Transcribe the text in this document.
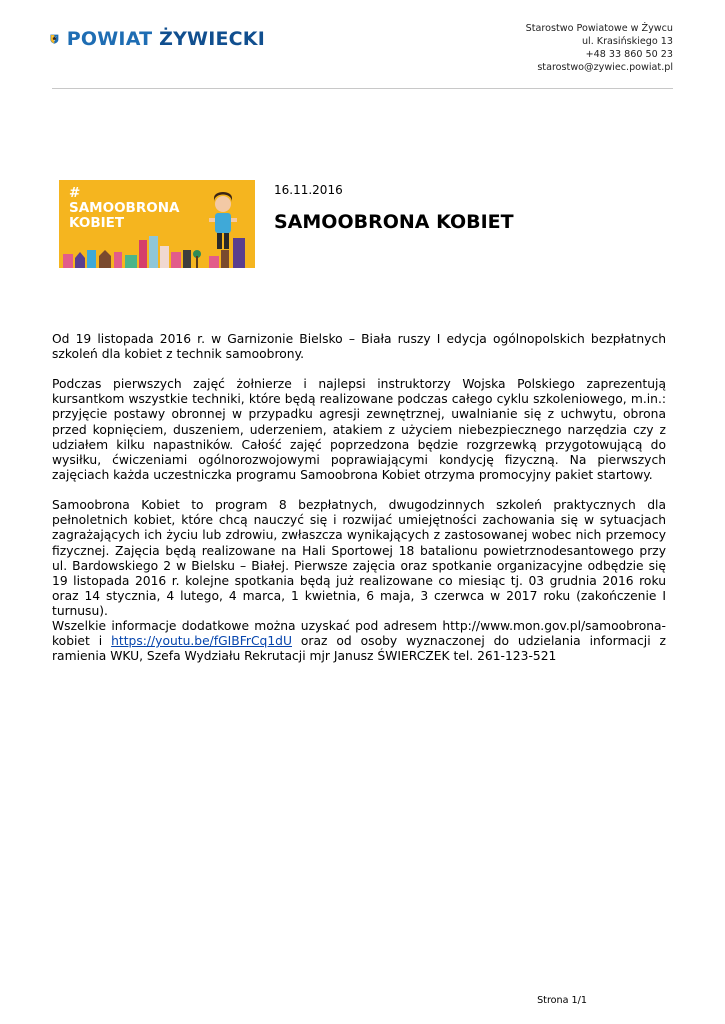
POWIAT ŻYWIECKI	Starostwo Powiatowe w Żywcu
ul. Krasińskiego 13
+48 33 860 50 23
starostwo@zywiec.powiat.pl
#
SAMOOBRONA
KOBIET
16.11.2016
SAMOOBRONA KOBIET

Od 19 listopada 2016 r. w Garnizonie Bielsko – Biała ruszy I edycja ogólnopolskich bezpłatnych szkoleń dla kobiet z technik samoobrony.

Podczas pierwszych zajęć żołnierze i najlepsi instruktorzy Wojska Polskiego zaprezentują kursantkom wszystkie techniki, które będą realizowane podczas całego cyklu szkoleniowego, m.in.: przyjęcie postawy obronnej w przypadku agresji zewnętrznej, uwalnianie się z uchwytu, obrona przed kopnięciem, duszeniem, uderzeniem, atakiem z użyciem niebezpiecznego narzędzia czy z udziałem kilku napastników. Całość zajęć poprzedzona będzie rozgrzewką przygotowującą do wysiłku, ćwiczeniami ogólnorozwojowymi poprawiającymi kondycję fizyczną. Na pierwszych zajęciach każda uczestniczka programu Samoobrona Kobiet otrzyma promocyjny pakiet startowy.

Samoobrona Kobiet to program 8 bezpłatnych, dwugodzinnych szkoleń praktycznych dla pełnoletnich kobiet, które chcą nauczyć się i rozwijać umiejętności zachowania się w sytuacjach zagrażających ich życiu lub zdrowiu, zwłaszcza wynikających z zastosowanej wobec nich przemocy fizycznej. Zajęcia będą realizowane na Hali Sportowej 18 batalionu powietrznodesantowego przy ul. Bardowskiego 2 w Bielsku – Białej. Pierwsze zajęcia oraz spotkanie organizacyjne odbędzie się 19 listopada 2016 r. kolejne spotkania będą już realizowane co miesiąc tj. 03 grudnia 2016 roku oraz 14 stycznia, 4 lutego, 4 marca, 1 kwietnia, 6 maja, 3 czerwca w 2017 roku (zakończenie I turnusu).

Wszelkie informacje dodatkowe można uzyskać pod adresem http://www.mon.gov.pl/samoobrona-kobiet i https://youtu.be/fGIBFrCq1dU oraz od osoby wyznaczonej do udzielania informacji z ramienia WKU, Szefa Wydziału Rekrutacji mjr Janusz ŚWIERCZEK tel. 261-123-521

Strona 1/1
